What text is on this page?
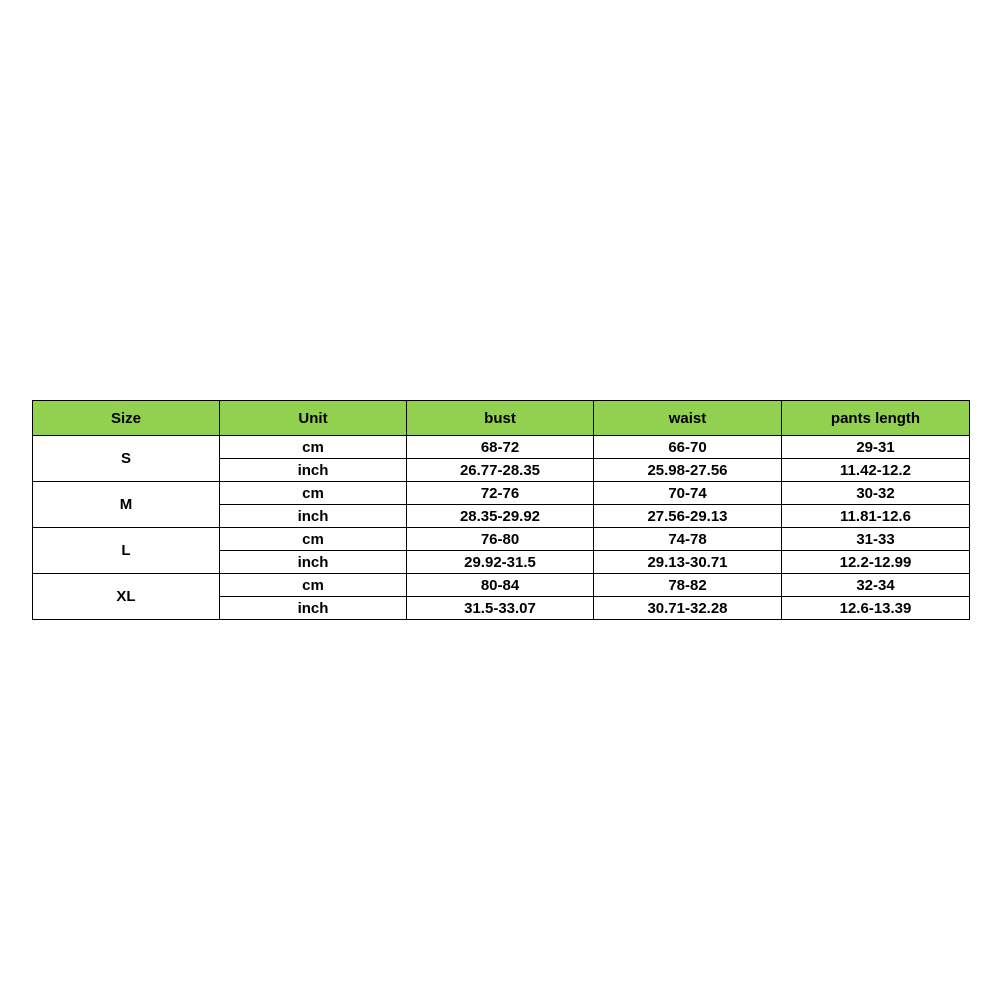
Size	Unit	bust	waist	pants length
S	cm	68-72	66-70	29-31
	inch	26.77-28.35	25.98-27.56	11.42-12.2
M	cm	72-76	70-74	30-32
	inch	28.35-29.92	27.56-29.13	11.81-12.6
L	cm	76-80	74-78	31-33
	inch	29.92-31.5	29.13-30.71	12.2-12.99
XL	cm	80-84	78-82	32-34
	inch	31.5-33.07	30.71-32.28	12.6-13.39
